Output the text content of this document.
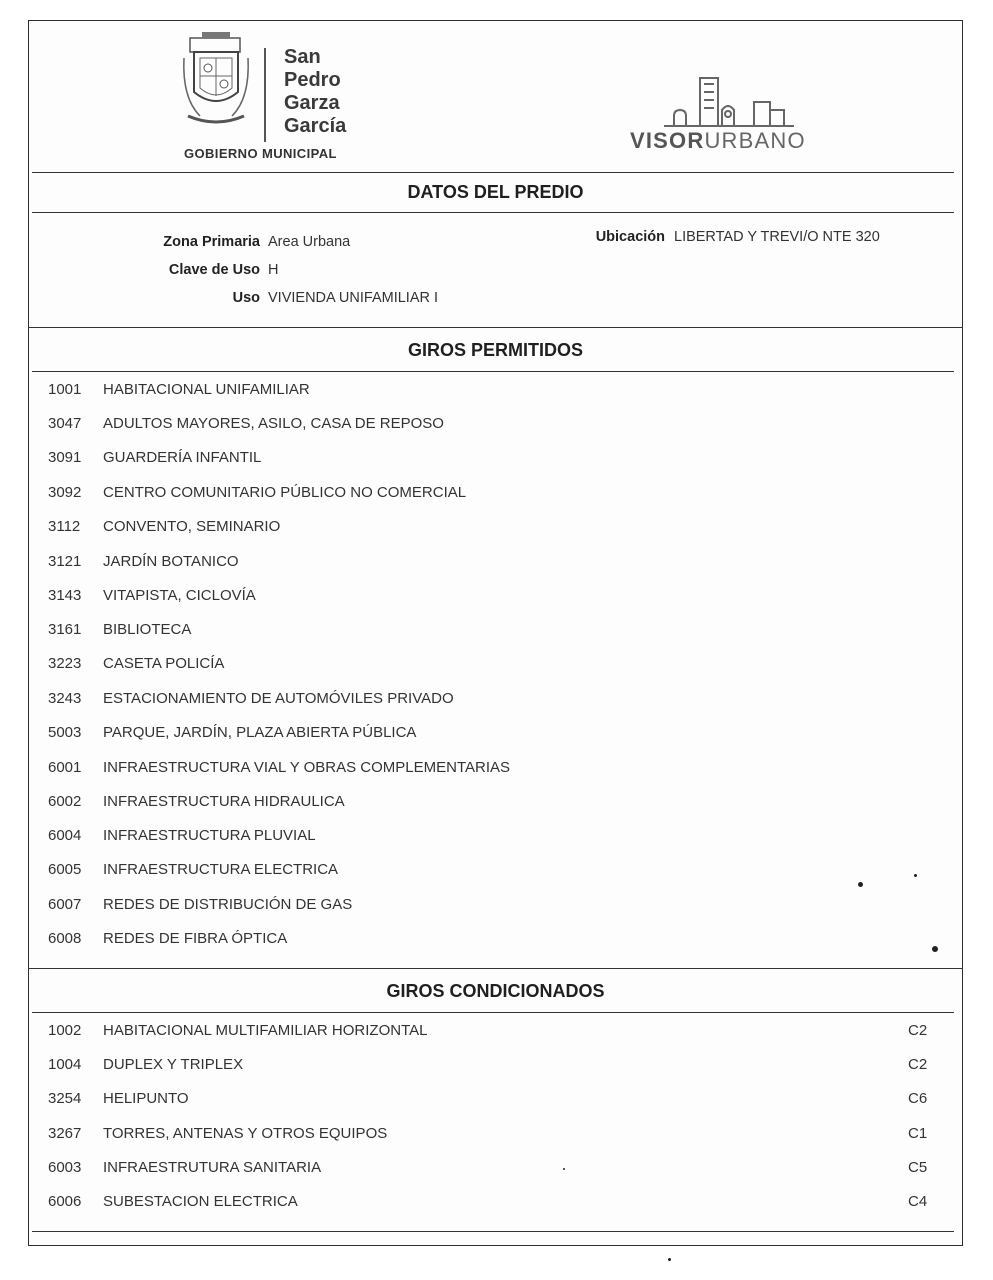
San
Pedro
Garza
García
GOBIERNO MUNICIPAL
VISORURBANO
DATOS DEL PREDIO
Zona Primaria Area Urbana
Clave de Uso H
Uso VIVIENDA UNIFAMILIAR I
Ubicación LIBERTAD Y TREVI/O NTE 320
GIROS PERMITIDOS
1001	HABITACIONAL UNIFAMILIAR
3047	ADULTOS MAYORES, ASILO, CASA DE REPOSO
3091	GUARDERÍA INFANTIL
3092	CENTRO COMUNITARIO PÚBLICO NO COMERCIAL
3112	CONVENTO, SEMINARIO
3121	JARDÍN BOTANICO
3143	VITAPISTA, CICLOVÍA
3161	BIBLIOTECA
3223	CASETA POLICÍA
3243	ESTACIONAMIENTO DE AUTOMÓVILES PRIVADO
5003	PARQUE, JARDÍN, PLAZA ABIERTA PÚBLICA
6001	INFRAESTRUCTURA VIAL Y OBRAS COMPLEMENTARIAS
6002	INFRAESTRUCTURA HIDRAULICA
6004	INFRAESTRUCTURA PLUVIAL
6005	INFRAESTRUCTURA ELECTRICA
6007	REDES DE DISTRIBUCIÓN DE GAS
6008	REDES DE FIBRA ÓPTICA
GIROS CONDICIONADOS
1002	HABITACIONAL MULTIFAMILIAR HORIZONTAL	C2
1004	DUPLEX Y TRIPLEX	C2
3254	HELIPUNTO	C6
3267	TORRES, ANTENAS Y OTROS EQUIPOS	C1
6003	INFRAESTRUTURA SANITARIA	C5
6006	SUBESTACION ELECTRICA	C4
